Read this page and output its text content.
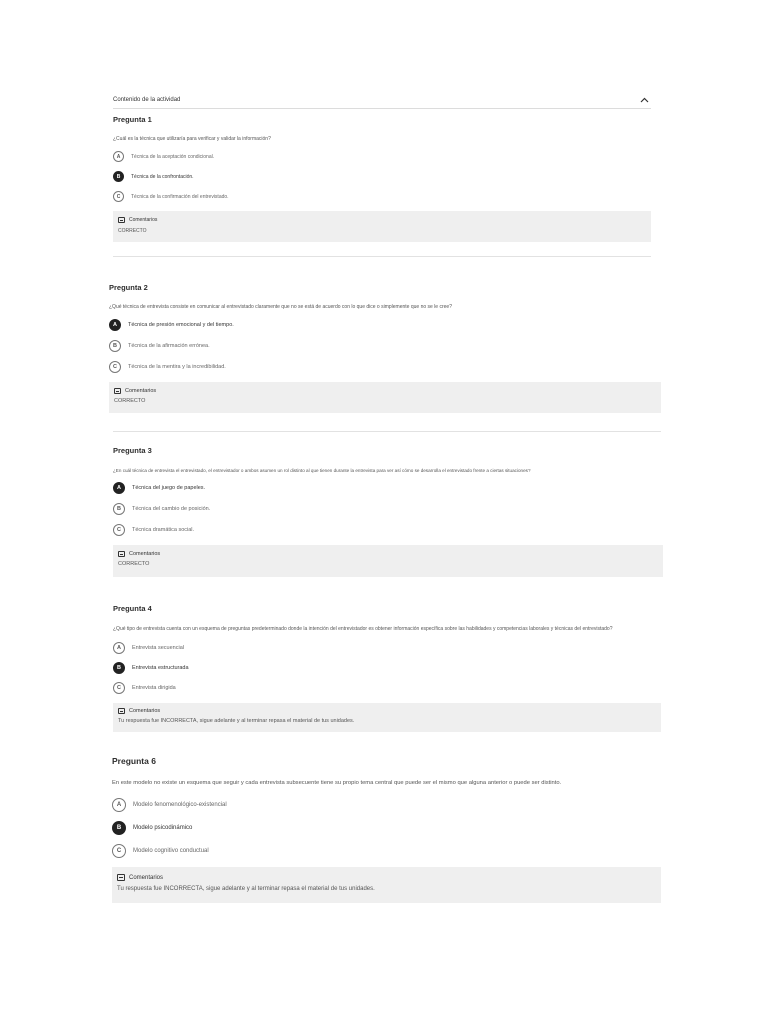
Contenido de la actividad
Pregunta 1
¿Cuál es la técnica que utilizaría para verificar y validar la información?
A	Técnica de la aceptación condicional.
B	Técnica de la confrontación.
C	Técnica de la confirmación del entrevistado.
Comentarios
CORRECTO
Pregunta 2
¿Qué técnica de entrevista consiste en comunicar al entrevistado claramente que no se está de acuerdo con lo que dice o simplemente que no se le cree?
A	Técnica de presión emocional y del tiempo.
B	Técnica de la afirmación errónea.
C	Técnica de la mentira y la incredibilidad.
Comentarios
CORRECTO
Pregunta 3
¿En cuál técnica de entrevista el entrevistado, el entrevistador o ambos asumen un rol distinto al que tienen durante la entrevista para ver así cómo se desarrolla el entrevistado frente a ciertas situaciones?
A	Técnica del juego de papeles.
B	Técnica del cambio de posición.
C	Técnica dramática social.
Comentarios
CORRECTO
Pregunta 4
¿Qué tipo de entrevista cuenta con un esquema de preguntas predeterminado donde la intención del entrevistador es obtener información específica sobre las habilidades y competencias laborales y técnicas del entrevistado?
A	Entrevista secuencial
B	Entrevista estructurada
C	Entrevista dirigida
Comentarios
Tu respuesta fue INCORRECTA, sigue adelante y al terminar repasa el material de tus unidades.
Pregunta 6
En este modelo no existe un esquema que seguir y cada entrevista subsecuente tiene su propio tema central que puede ser el mismo que alguna anterior o puede ser distinto.
A	Modelo fenomenológico-existencial
B	Modelo psicodinámico
C	Modelo cognitivo conductual
Comentarios
Tu respuesta fue INCORRECTA, sigue adelante y al terminar repasa el material de tus unidades.
